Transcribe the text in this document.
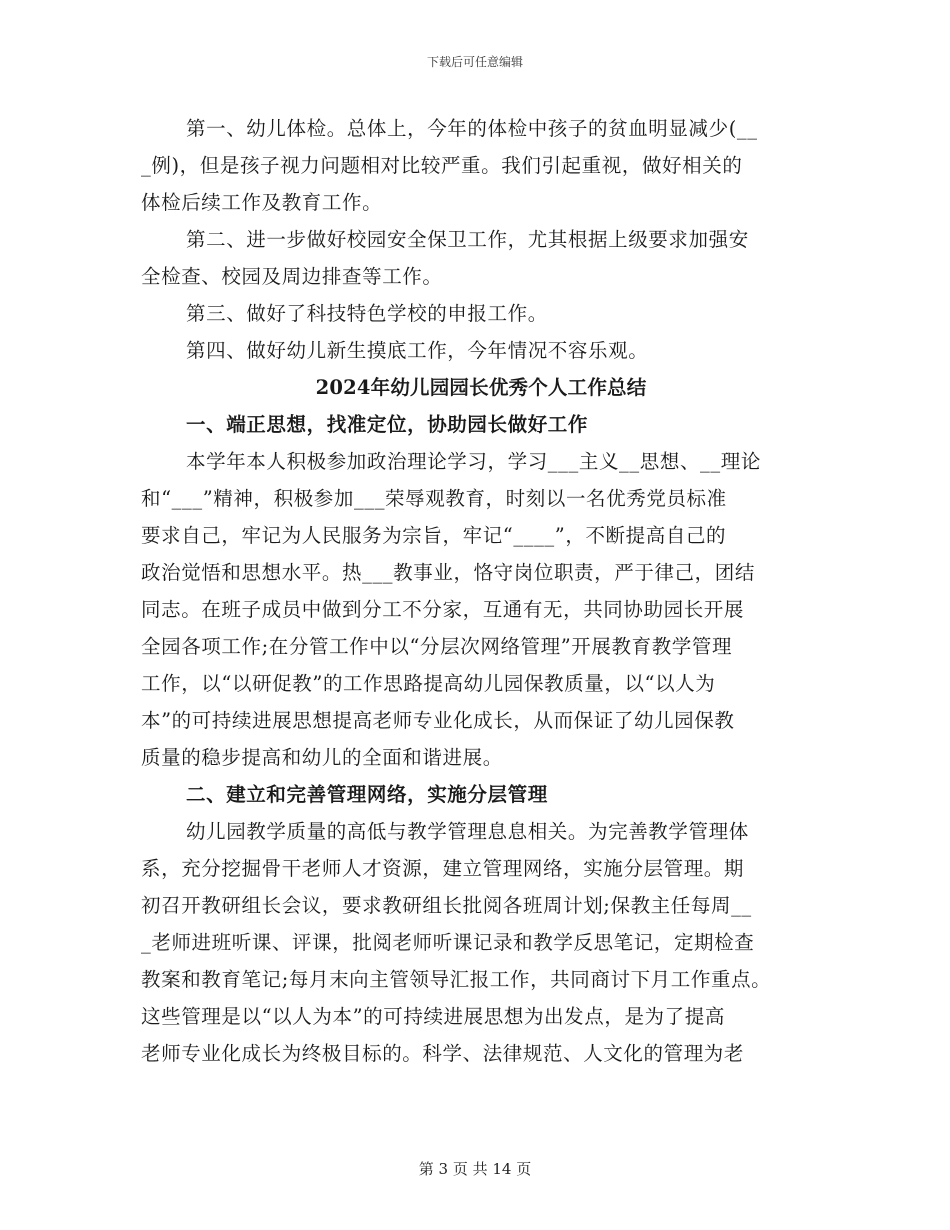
下载后可任意编辑
第一、幼儿体检。总体上，今年的体检中孩子的贫血明显减少(__
_例)，但是孩子视力问题相对比较严重。我们引起重视，做好相关的
体检后续工作及教育工作。
第二、进一步做好校园安全保卫工作，尤其根据上级要求加强安
全检查、校园及周边排查等工作。
第三、做好了科技特色学校的申报工作。
第四、做好幼儿新生摸底工作，今年情况不容乐观。
2024年幼儿园园长优秀个人工作总结
一、端正思想，找准定位，协助园长做好工作
本学年本人积极参加政治理论学习，学习___主义__思想、__理论
和“___”精神，积极参加___荣辱观教育，时刻以一名优秀党员标准
要求自己，牢记为人民服务为宗旨，牢记“____”，不断提高自己的
政治觉悟和思想水平。热___教事业，恪守岗位职责，严于律己，团结
同志。在班子成员中做到分工不分家，互通有无，共同协助园长开展
全园各项工作;在分管工作中以“分层次网络管理”开展教育教学管理
工作，以“以研促教”的工作思路提高幼儿园保教质量，以“以人为
本”的可持续进展思想提高老师专业化成长，从而保证了幼儿园保教
质量的稳步提高和幼儿的全面和谐进展。
二、建立和完善管理网络，实施分层管理
幼儿园教学质量的高低与教学管理息息相关。为完善教学管理体
系，充分挖掘骨干老师人才资源，建立管理网络，实施分层管理。期
初召开教研组长会议，要求教研组长批阅各班周计划;保教主任每周__
_老师进班听课、评课，批阅老师听课记录和教学反思笔记，定期检查
教案和教育笔记;每月末向主管领导汇报工作，共同商讨下月工作重点。
这些管理是以“以人为本”的可持续进展思想为出发点，是为了提高
老师专业化成长为终极目标的。科学、法律规范、人文化的管理为老
第 3 页 共 14 页
